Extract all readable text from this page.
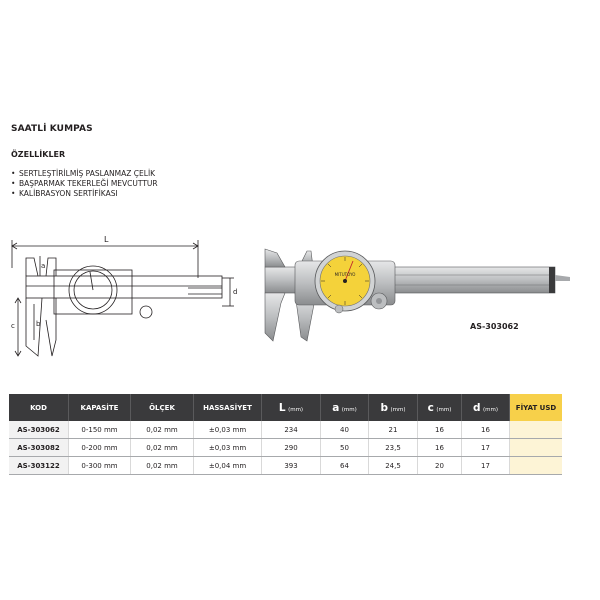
SAATLİ KUMPAS
ÖZELLİKLER
• SERTLEŞTİRİLMİŞ PASLANMAZ ÇELİK
• BAŞPARMAK TEKERLEĞİ MEVCUTTUR
• KALİBRASYON SERTİFİKASI
L
a
b
c
d
MITUTOYO
AS-303062
KOD	KAPASİTE	ÖLÇEK	HASSASİYET	L (mm)	a (mm)	b (mm)	c (mm)	d (mm)	FİYAT USD
AS-303062	0-150 mm	0,02 mm	±0,03 mm	234	40	21	16	16	
AS-303082	0-200 mm	0,02 mm	±0,03 mm	290	50	23,5	16	17	
AS-303122	0-300 mm	0,02 mm	±0,04 mm	393	64	24,5	20	17	
